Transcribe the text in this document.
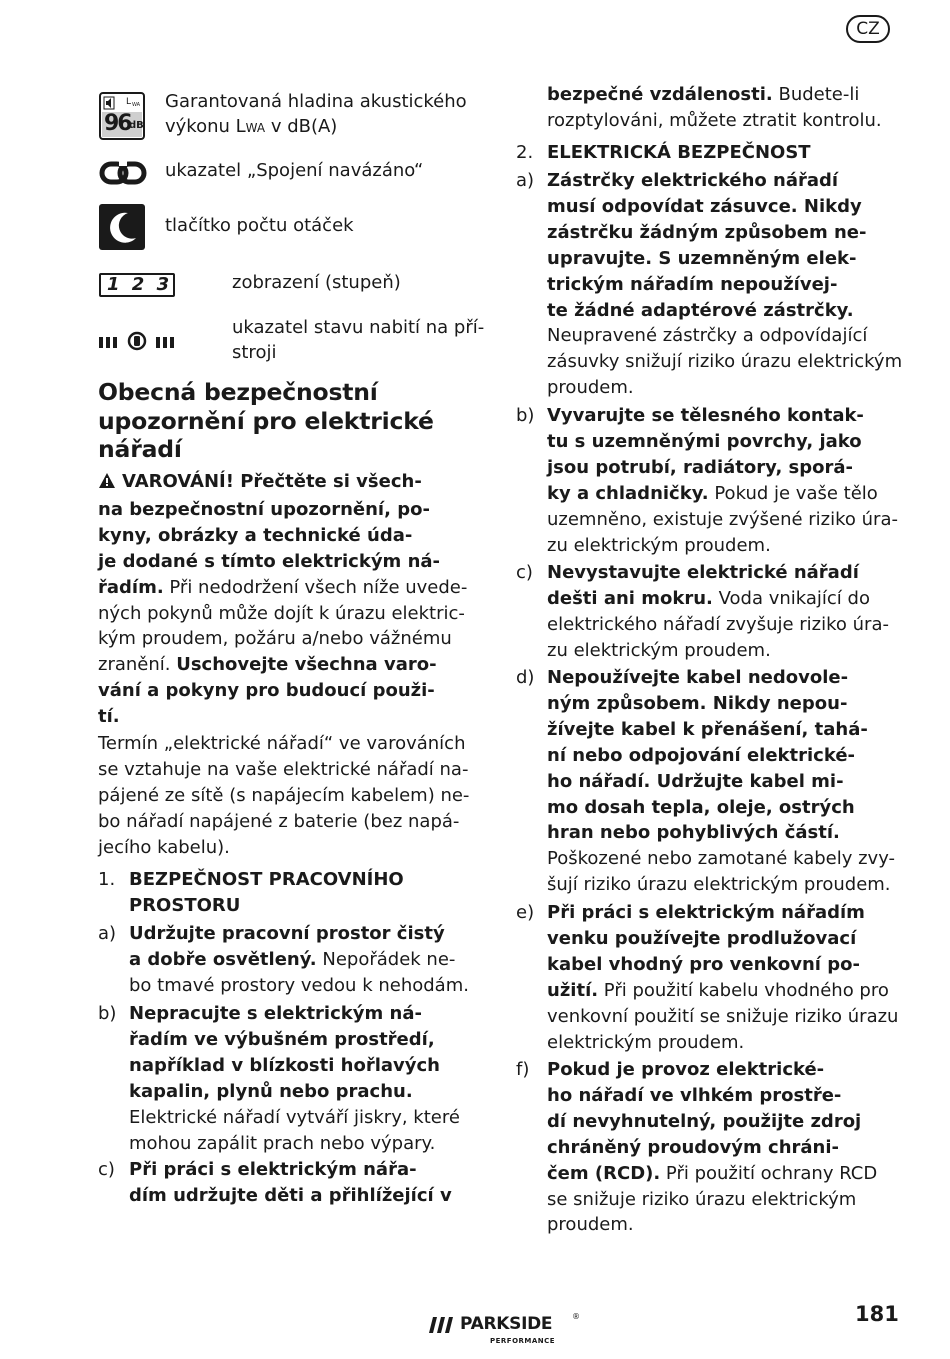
CZ
L WA
96
dB
Garantovaná hladina akustického
výkonu LWA v dB(A)
ukazatel „Spojení navázáno“
tlačítko počtu otáček
1 2 3	zobrazení (stupeň)
ukazatel stavu nabití na pří-
stroji
Obecná bezpečnostní
upozornění pro elektrické
nářadí
VAROVÁNÍ! Přečtěte si všech-
na bezpečnostní upozornění, po-
kyny, obrázky a technické úda-
je dodané s tímto elektrickým ná-
řadím. Při nedodržení všech níže uvede-
ných pokynů může dojít k úrazu elektric-
kým proudem, požáru a/nebo vážnému
zranění. Uschovejte všechna varo-
vání a pokyny pro budoucí použi-
tí.
Termín „elektrické nářadí“ ve varováních
se vztahuje na vaše elektrické nářadí na-
pájené ze sítě (s napájecím kabelem) ne-
bo nářadí napájené z baterie (bez napá-
jecího kabelu).
1. BEZPEČNOST PRACOVNÍHO
PROSTORU
a) Udržujte pracovní prostor čistý
a dobře osvětlený. Nepořádek ne-
bo tmavé prostory vedou k nehodám.
b) Nepracujte s elektrickým ná-
řadím ve výbušném prostředí,
například v blízkosti hořlavých
kapalin, plynů nebo prachu.
Elektrické nářadí vytváří jiskry, které
mohou zapálit prach nebo výpary.
c) Při práci s elektrickým nářa-
dím udržujte děti a přihlížející v
bezpečné vzdálenosti. Budete-li
rozptylováni, můžete ztratit kontrolu.
2. ELEKTRICKÁ BEZPEČNOST
a) Zástrčky elektrického nářadí
musí odpovídat zásuvce. Nikdy
zástrčku žádným způsobem ne-
upravujte. S uzemněným elek-
trickým nářadím nepoužívej-
te žádné adaptérové zástrčky.
Neupravené zástrčky a odpovídající
zásuvky snižují riziko úrazu elektrickým
proudem.
b) Vyvarujte se tělesného kontak-
tu s uzemněnými povrchy, jako
jsou potrubí, radiátory, sporá-
ky a chladničky. Pokud je vaše tělo
uzemněno, existuje zvýšené riziko úra-
zu elektrickým proudem.
c) Nevystavujte elektrické nářadí
dešti ani mokru. Voda vnikající do
elektrického nářadí zvyšuje riziko úra-
zu elektrickým proudem.
d) Nepoužívejte kabel nedovole-
ným způsobem. Nikdy nepou-
žívejte kabel k přenášení, tahá-
ní nebo odpojování elektrické-
ho nářadí. Udržujte kabel mi-
mo dosah tepla, oleje, ostrých
hran nebo pohyblivých částí.
Poškozené nebo zamotané kabely zvy-
šují riziko úrazu elektrickým proudem.
e) Při práci s elektrickým nářadím
venku používejte prodlužovací
kabel vhodný pro venkovní po-
užití. Při použití kabelu vhodného pro
venkovní použití se snižuje riziko úrazu
elektrickým proudem.
f) Pokud je provoz elektrické-
ho nářadí ve vlhkém prostře-
dí nevyhnutelný, použijte zdroj
chráněný proudovým chráni-
čem (RCD). Při použití ochrany RCD
se snižuje riziko úrazu elektrickým
proudem.
PARKSIDE ®
PERFORMANCE
181
